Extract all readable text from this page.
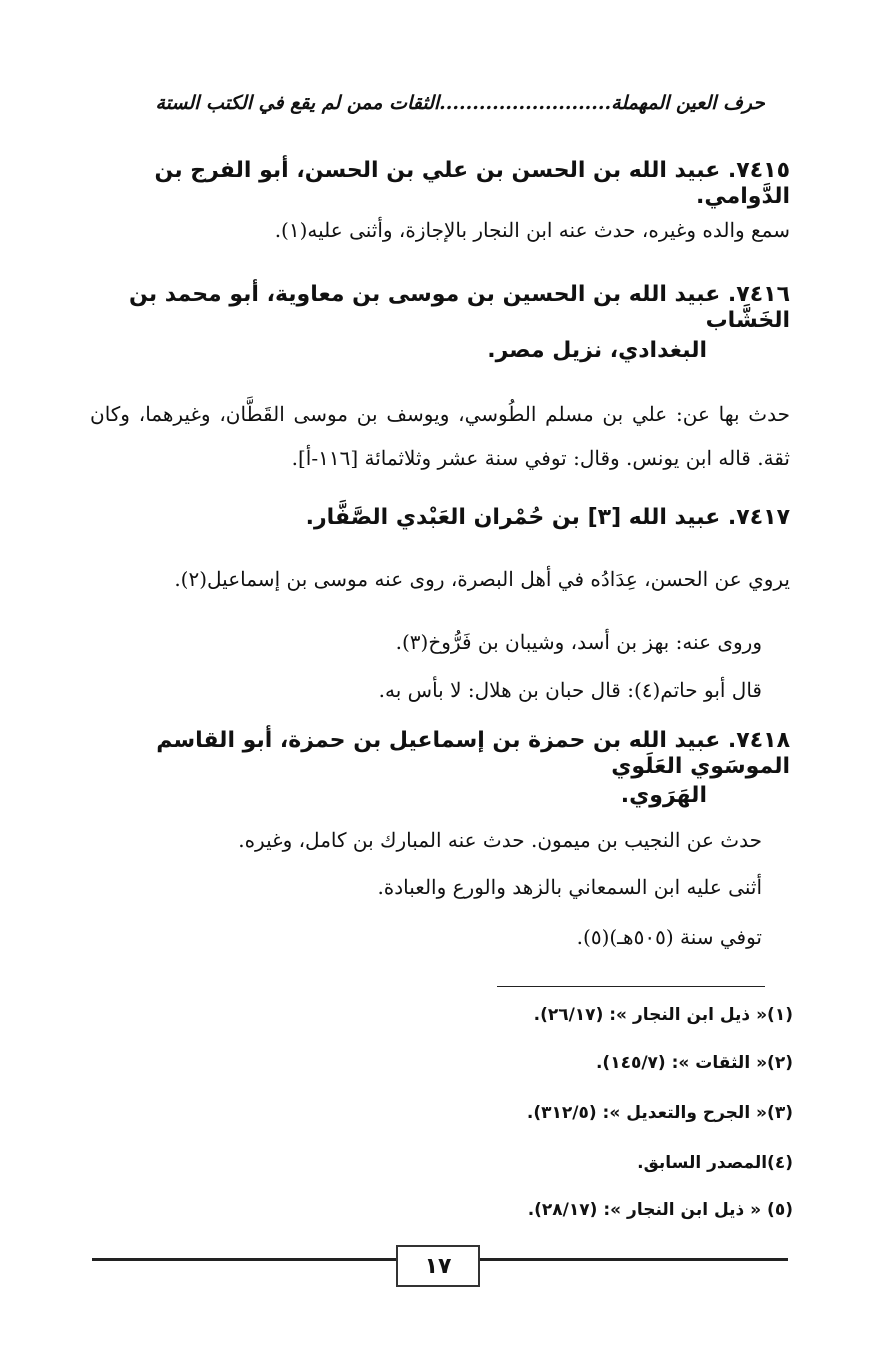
حرف العين المهملة..........................الثقات ممن لم يقع في الكتب الستة
٧٤١٥. عبيد الله بن الحسن بن علي بن الحسن، أبو الفرج بن الدَّوامي.
سمع والده وغيره، حدث عنه ابن النجار بالإجازة، وأثنى عليه(١).
٧٤١٦. عبيد الله بن الحسين بن موسى بن معاوية، أبو محمد بن الخَشَّاب
البغدادي، نزيل مصر.
حدث بها عن: علي بن مسلم الطُوسي، ويوسف بن موسى القَطَّان، وغيرهما، وكان ثقة. قاله ابن يونس. وقال: توفي سنة عشر وثلاثمائة [١١٦-أ].
٧٤١٧. عبيد الله [٣] بن حُمْران العَبْدي الصَّفَّار.
يروي عن الحسن، عِدَادُه في أهل البصرة، روى عنه موسى بن إسماعيل(٢).
وروى عنه: بهز بن أسد، وشيبان بن فَرُّوخ(٣).
قال أبو حاتم(٤): قال حبان بن هلال: لا بأس به.
٧٤١٨. عبيد الله بن حمزة بن إسماعيل بن حمزة، أبو القاسم الموسَوي العَلَوي
الهَرَوي.
حدث عن النجيب بن ميمون. حدث عنه المبارك بن كامل، وغيره.
أثنى عليه ابن السمعاني بالزهد والورع والعبادة.
توفي سنة (٥٠٥هـ)(٥).
(١)« ذيل ابن النجار »: (٢٦/١٧).
(٢)« الثقات »: (١٤٥/٧).
(٣)« الجرح والتعديل »: (٣١٢/٥).
(٤)المصدر السابق.
(٥) « ذيل ابن النجار »: (٢٨/١٧).
١٧
